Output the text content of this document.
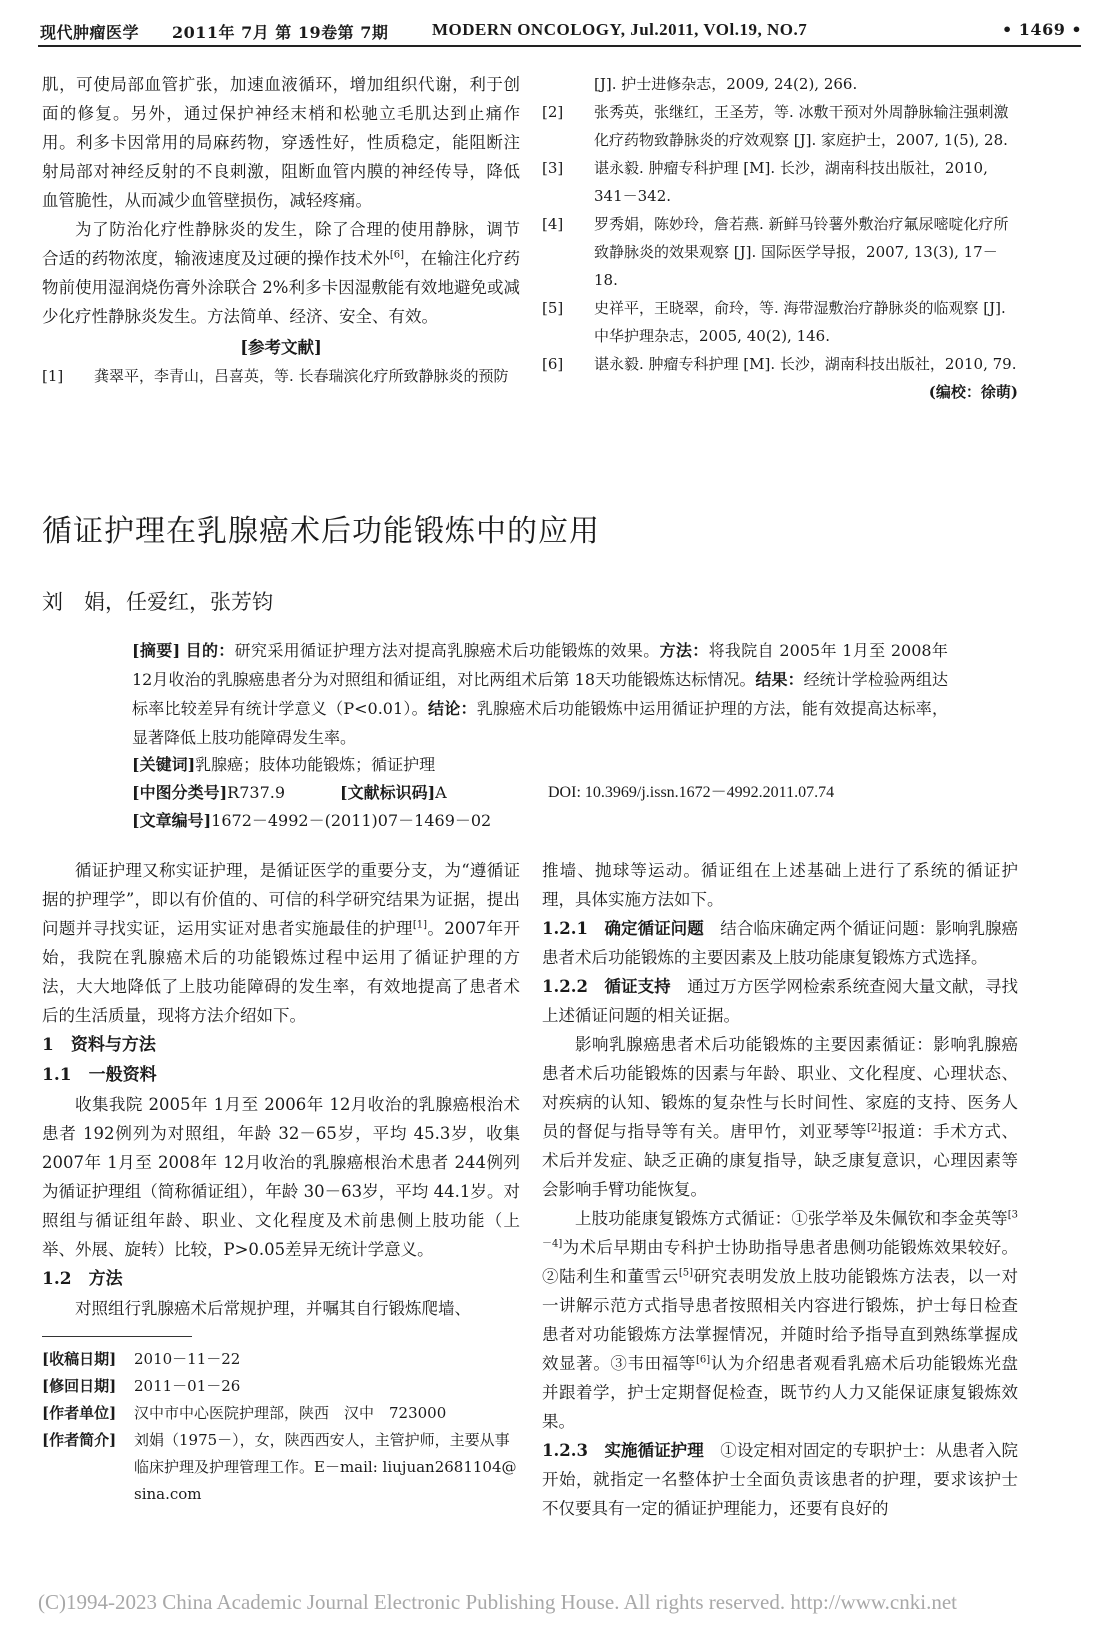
现代肿瘤医学 2011年 7月 第 19卷第 7期	MODERN ONCOLOGY, Jul.2011, VOl.19, NO.7	• 1469 •

肌，可使局部血管扩张，加速血液循环，增加组织代谢，利于创面的修复。另外，通过保护神经末梢和松驰立毛肌达到止痛作用。利多卡因常用的局麻药物，穿透性好，性质稳定，能阻断注射局部对神经反射的不良刺激，阻断血管内膜的神经传导，降低血管脆性，从而减少血管壁损伤，减轻疼痛。

为了防治化疗性静脉炎的发生，除了合理的使用静脉，调节合适的药物浓度，输液速度及过硬的操作技术外[6]，在输注化疗药物前使用湿润烧伤膏外涂联合 2%利多卡因湿敷能有效地避免或减少化疗性静脉炎发生。方法简单、经济、安全、有效。

[参考文献]
[1]	龚翠平，李青山，吕喜英，等. 长春瑞滨化疗所致静脉炎的预防
[J]. 护士进修杂志，2009, 24(2), 266.
[2]	张秀英，张继红，王圣芳，等. 冰敷干预对外周静脉输注强刺激化疗药物致静脉炎的疗效观察 [J]. 家庭护士，2007, 1(5), 28.
[3]	谌永毅. 肿瘤专科护理 [M]. 长沙，湖南科技出版社，2010, 341－342.
[4]	罗秀娟，陈妙玲，詹若燕. 新鲜马铃薯外敷治疗氟尿嘧啶化疗所致静脉炎的效果观察 [J]. 国际医学导报，2007, 13(3), 17－18.
[5]	史祥平，王晓翠，俞玲，等. 海带湿敷治疗静脉炎的临观察 [J]. 中华护理杂志，2005, 40(2), 146.
[6]	谌永毅. 肿瘤专科护理 [M]. 长沙，湖南科技出版社，2010, 79.
(编校：徐萌)
循证护理在乳腺癌术后功能锻炼中的应用
刘　娟，任爱红，张芳钧
[摘要] 目的：研究采用循证护理方法对提高乳腺癌术后功能锻炼的效果。方法：将我院自 2005年 1月至 2008年 12月收治的乳腺癌患者分为对照组和循证组，对比两组术后第 18天功能锻炼达标情况。结果：经统计学检验两组达标率比较差异有统计学意义（P<0.01）。结论：乳腺癌术后功能锻炼中运用循证护理的方法，能有效提高达标率，显著降低上肢功能障碍发生率。
[关键词]乳腺癌；肢体功能锻炼；循证护理
[中图分类号]R737.9	[文献标识码]A	DOI: 10.3969/j.issn.1672－4992.2011.07.74
[文章编号]1672－4992－(2011)07－1469－02

循证护理又称实证护理，是循证医学的重要分支，为“遵循证据的护理学”，即以有价值的、可信的科学研究结果为证据，提出问题并寻找实证，运用实证对患者实施最佳的护理[1]。2007年开始，我院在乳腺癌术后的功能锻炼过程中运用了循证护理的方法，大大地降低了上肢功能障碍的发生率，有效地提高了患者术后的生活质量，现将方法介绍如下。

1　资料与方法
1.1　一般资料

收集我院 2005年 1月至 2006年 12月收治的乳腺癌根治术患者 192例列为对照组，年龄 32－65岁，平均 45.3岁，收集 2007年 1月至 2008年 12月收治的乳腺癌根治术患者 244例列为循证护理组（简称循证组），年龄 30－63岁，平均 44.1岁。对照组与循证组年龄、职业、文化程度及术前患侧上肢功能（上举、外展、旋转）比较，P>0.05差异无统计学意义。

1.2　方法

对照组行乳腺癌术后常规护理，并嘱其自行锻炼爬墙、

[收稿日期]	2010－11－22
[修回日期]	2011－01－26
[作者单位]	汉中市中心医院护理部，陕西　汉中　723000
[作者简介]	刘娟（1975－），女，陕西西安人，主管护师，主要从事临床护理及护理管理工作。E－mail: liujuan2681104@sina.com

推墙、抛球等运动。循证组在上述基础上进行了系统的循证护理，具体实施方法如下。

1.2.1　确定循证问题　结合临床确定两个循证问题：影响乳腺癌患者术后功能锻炼的主要因素及上肢功能康复锻炼方式选择。

1.2.2　循证支持　通过万方医学网检索系统查阅大量文献，寻找上述循证问题的相关证据。

影响乳腺癌患者术后功能锻炼的主要因素循证：影响乳腺癌患者术后功能锻炼的因素与年龄、职业、文化程度、心理状态、对疾病的认知、锻炼的复杂性与长时间性、家庭的支持、医务人员的督促与指导等有关。唐甲竹，刘亚琴等[2]报道：手术方式、术后并发症、缺乏正确的康复指导，缺乏康复意识，心理因素等会影响手臂功能恢复。

上肢功能康复锻炼方式循证：①张学举及朱佩钦和李金英等[3－4]为术后早期由专科护士协助指导患者患侧功能锻炼效果较好。②陆利生和董雪云[5]研究表明发放上肢功能锻炼方法表，以一对一讲解示范方式指导患者按照相关内容进行锻炼，护士每日检查患者对功能锻炼方法掌握情况，并随时给予指导直到熟练掌握成效显著。③韦田福等[6]认为介绍患者观看乳癌术后功能锻炼光盘并跟着学，护士定期督促检查，既节约人力又能保证康复锻炼效果。

1.2.3　实施循证护理　①设定相对固定的专职护士：从患者入院开始，就指定一名整体护士全面负责该患者的护理，要求该护士不仅要具有一定的循证护理能力，还要有良好的

(C)1994-2023 China Academic Journal Electronic Publishing House. All rights reserved. http://www.cnki.net
